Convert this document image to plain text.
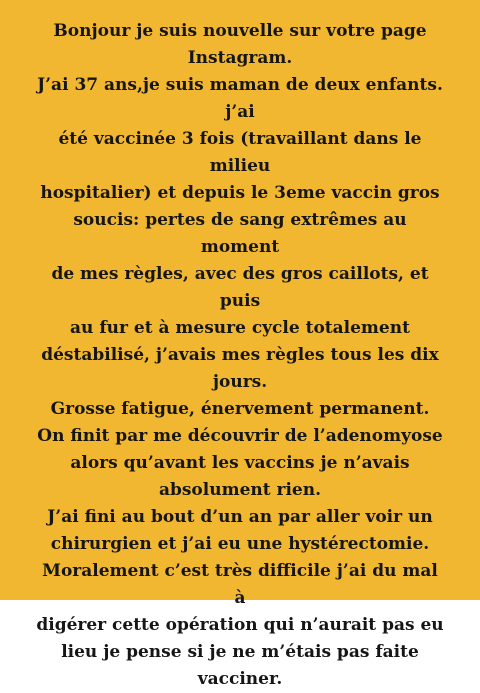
Bonjour je suis nouvelle sur votre page
Instagram.
J’ai 37 ans,je suis maman de deux enfants. j’ai
été vaccinée 3 fois (travaillant dans le milieu
hospitalier) et depuis le 3eme vaccin gros
soucis: pertes de sang extrêmes au moment
de mes règles, avec des gros caillots, et puis
au fur et à mesure cycle totalement
déstabilisé, j’avais mes règles tous les dix
jours.
Grosse fatigue, énervement permanent.
On finit par me découvrir de l’adenomyose
alors qu’avant les vaccins je n’avais
absolument rien.
J’ai fini au bout d’un an par aller voir un
chirurgien et j’ai eu une hystérectomie.
Moralement c’est très difficile j’ai du mal à
digérer cette opération qui n’aurait pas eu
lieu je pense si je ne m’étais pas faite
vacciner.
